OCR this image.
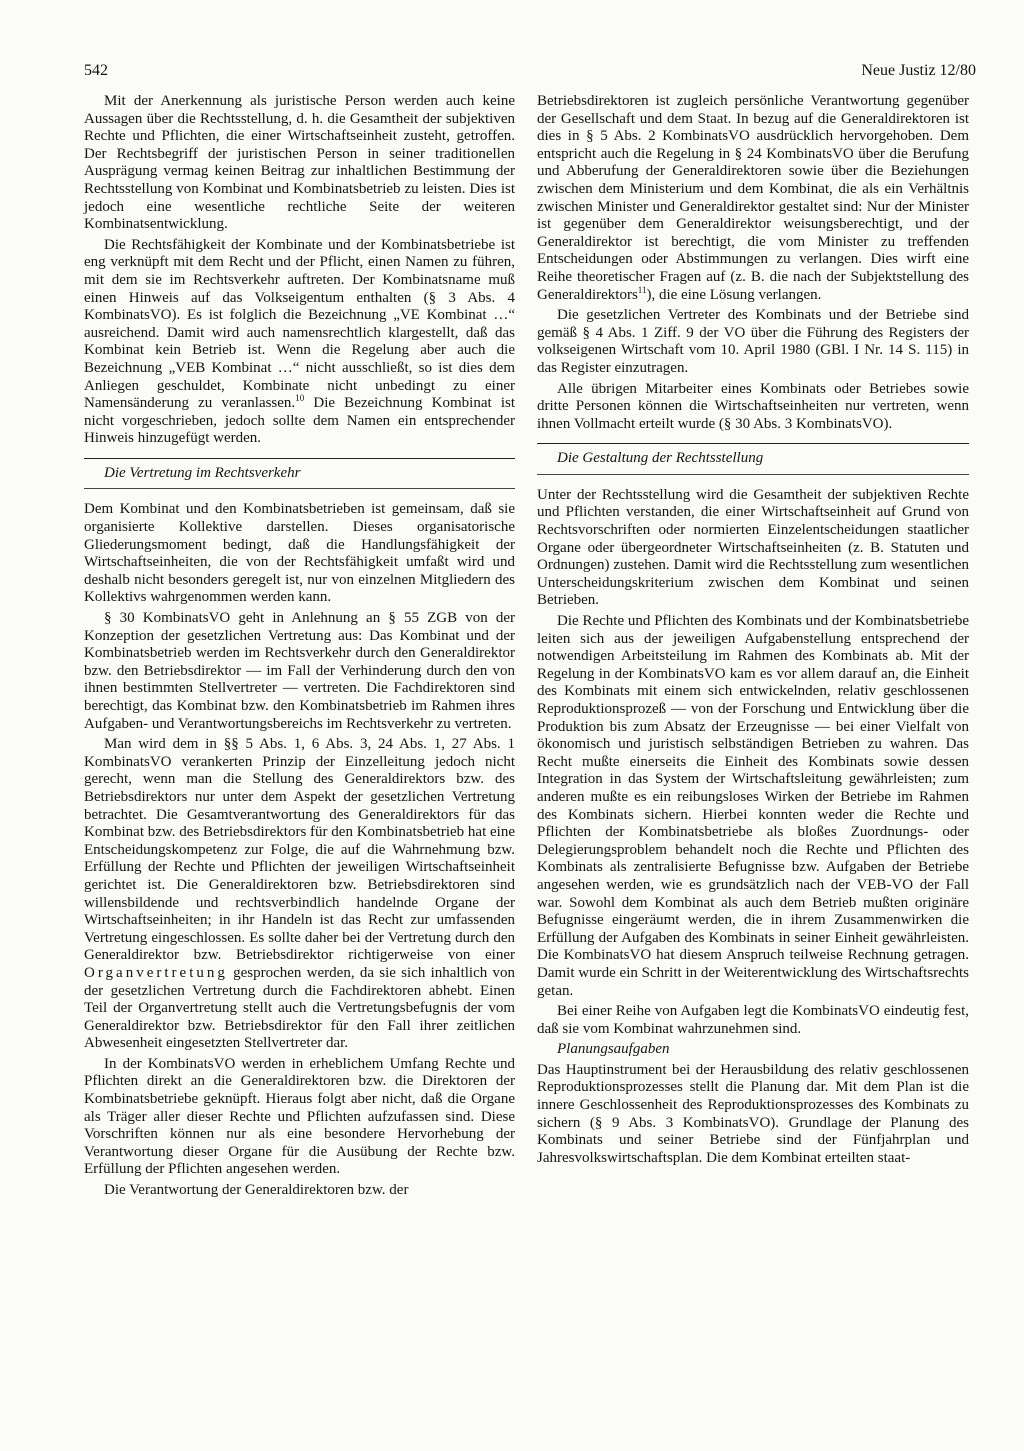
542	Neue Justiz 12/80

Mit der Anerkennung als juristische Person werden auch keine Aussagen über die Rechtsstellung, d. h. die Gesamtheit der subjektiven Rechte und Pflichten, die einer Wirtschaftseinheit zusteht, getroffen. Der Rechtsbegriff der juristischen Person in seiner traditionellen Ausprägung vermag keinen Beitrag zur inhaltlichen Bestimmung der Rechtsstellung von Kombinat und Kombinatsbetrieb zu leisten. Dies ist jedoch eine wesentliche rechtliche Seite der weiteren Kombinatsentwicklung.

Die Rechtsfähigkeit der Kombinate und der Kombinatsbetriebe ist eng verknüpft mit dem Recht und der Pflicht, einen Namen zu führen, mit dem sie im Rechtsverkehr auftreten. Der Kombinatsname muß einen Hinweis auf das Volkseigentum enthalten (§ 3 Abs. 4 KombinatsVO). Es ist folglich die Bezeichnung „VE Kombinat …“ ausreichend. Damit wird auch namensrechtlich klargestellt, daß das Kombinat kein Betrieb ist. Wenn die Regelung aber auch die Bezeichnung „VEB Kombinat …“ nicht ausschließt, so ist dies dem Anliegen geschuldet, Kombinate nicht unbedingt zu einer Namensänderung zu veranlassen.$^{10}$ Die Bezeichnung Kombinat ist nicht vorgeschrieben, jedoch sollte dem Namen ein entsprechender Hinweis hinzugefügt werden.

Die Vertretung im Rechtsverkehr

Dem Kombinat und den Kombinatsbetrieben ist gemeinsam, daß sie organisierte Kollektive darstellen. Dieses organisatorische Gliederungsmoment bedingt, daß die Handlungsfähigkeit der Wirtschaftseinheiten, die von der Rechtsfähigkeit umfaßt wird und deshalb nicht besonders geregelt ist, nur von einzelnen Mitgliedern des Kollektivs wahrgenommen werden kann.

§ 30 KombinatsVO geht in Anlehnung an § 55 ZGB von der Konzeption der gesetzlichen Vertretung aus: Das Kombinat und der Kombinatsbetrieb werden im Rechtsverkehr durch den Generaldirektor bzw. den Betriebsdirektor — im Fall der Verhinderung durch den von ihnen bestimmten Stellvertreter — vertreten. Die Fachdirektoren sind berechtigt, das Kombinat bzw. den Kombinatsbetrieb im Rahmen ihres Aufgaben- und Verantwortungsbereichs im Rechtsverkehr zu vertreten.

Man wird dem in §§ 5 Abs. 1, 6 Abs. 3, 24 Abs. 1, 27 Abs. 1 KombinatsVO verankerten Prinzip der Einzelleitung jedoch nicht gerecht, wenn man die Stellung des Generaldirektors bzw. des Betriebsdirektors nur unter dem Aspekt der gesetzlichen Vertretung betrachtet. Die Gesamtverantwortung des Generaldirektors für das Kombinat bzw. des Betriebsdirektors für den Kombinatsbetrieb hat eine Entscheidungskompetenz zur Folge, die auf die Wahrnehmung bzw. Erfüllung der Rechte und Pflichten der jeweiligen Wirtschaftseinheit gerichtet ist. Die Generaldirektoren bzw. Betriebsdirektoren sind willensbildende und rechtsverbindlich handelnde Organe der Wirtschaftseinheiten; in ihr Handeln ist das Recht zur umfassenden Vertretung eingeschlossen. Es sollte daher bei der Vertretung durch den Generaldirektor bzw. Betriebsdirektor richtigerweise von einer Organvertretung gesprochen werden, da sie sich inhaltlich von der gesetzlichen Vertretung durch die Fachdirektoren abhebt. Einen Teil der Organvertretung stellt auch die Vertretungsbefugnis der vom Generaldirektor bzw. Betriebsdirektor für den Fall ihrer zeitlichen Abwesenheit eingesetzten Stellvertreter dar.

In der KombinatsVO werden in erheblichem Umfang Rechte und Pflichten direkt an die Generaldirektoren bzw. die Direktoren der Kombinatsbetriebe geknüpft. Hieraus folgt aber nicht, daß die Organe als Träger aller dieser Rechte und Pflichten aufzufassen sind. Diese Vorschriften können nur als eine besondere Hervorhebung der Verantwortung dieser Organe für die Ausübung der Rechte bzw. Erfüllung der Pflichten angesehen werden.

Die Verantwortung der Generaldirektoren bzw. der

Betriebsdirektoren ist zugleich persönliche Verantwortung gegenüber der Gesellschaft und dem Staat. In bezug auf die Generaldirektoren ist dies in § 5 Abs. 2 KombinatsVO ausdrücklich hervorgehoben. Dem entspricht auch die Regelung in § 24 KombinatsVO über die Berufung und Abberufung der Generaldirektoren sowie über die Beziehungen zwischen dem Ministerium und dem Kombinat, die als ein Verhältnis zwischen Minister und Generaldirektor gestaltet sind: Nur der Minister ist gegenüber dem Generaldirektor weisungsberechtigt, und der Generaldirektor ist berechtigt, die vom Minister zu treffenden Entscheidungen oder Abstimmungen zu verlangen. Dies wirft eine Reihe theoretischer Fragen auf (z. B. die nach der Subjektstellung des Generaldirektors$^{11}$), die eine Lösung verlangen.

Die gesetzlichen Vertreter des Kombinats und der Betriebe sind gemäß § 4 Abs. 1 Ziff. 9 der VO über die Führung des Registers der volkseigenen Wirtschaft vom 10. April 1980 (GBl. I Nr. 14 S. 115) in das Register einzutragen.

Alle übrigen Mitarbeiter eines Kombinats oder Betriebes sowie dritte Personen können die Wirtschaftseinheiten nur vertreten, wenn ihnen Vollmacht erteilt wurde (§ 30 Abs. 3 KombinatsVO).

Die Gestaltung der Rechtsstellung

Unter der Rechtsstellung wird die Gesamtheit der subjektiven Rechte und Pflichten verstanden, die einer Wirtschaftseinheit auf Grund von Rechtsvorschriften oder normierten Einzelentscheidungen staatlicher Organe oder übergeordneter Wirtschaftseinheiten (z. B. Statuten und Ordnungen) zustehen. Damit wird die Rechtsstellung zum wesentlichen Unterscheidungskriterium zwischen dem Kombinat und seinen Betrieben.

Die Rechte und Pflichten des Kombinats und der Kombinatsbetriebe leiten sich aus der jeweiligen Aufgabenstellung entsprechend der notwendigen Arbeitsteilung im Rahmen des Kombinats ab. Mit der Regelung in der KombinatsVO kam es vor allem darauf an, die Einheit des Kombinats mit einem sich entwickelnden, relativ geschlossenen Reproduktionsprozeß — von der Forschung und Entwicklung über die Produktion bis zum Absatz der Erzeugnisse — bei einer Vielfalt von ökonomisch und juristisch selbständigen Betrieben zu wahren. Das Recht mußte einerseits die Einheit des Kombinats sowie dessen Integration in das System der Wirtschaftsleitung gewährleisten; zum anderen mußte es ein reibungsloses Wirken der Betriebe im Rahmen des Kombinats sichern. Hierbei konnten weder die Rechte und Pflichten der Kombinatsbetriebe als bloßes Zuordnungs- oder Delegierungsproblem behandelt noch die Rechte und Pflichten des Kombinats als zentralisierte Befugnisse bzw. Aufgaben der Betriebe angesehen werden, wie es grundsätzlich nach der VEB-VO der Fall war. Sowohl dem Kombinat als auch dem Betrieb mußten originäre Befugnisse eingeräumt werden, die in ihrem Zusammenwirken die Erfüllung der Aufgaben des Kombinats in seiner Einheit gewährleisten. Die KombinatsVO hat diesem Anspruch teilweise Rechnung getragen. Damit wurde ein Schritt in der Weiterentwicklung des Wirtschaftsrechts getan.

Bei einer Reihe von Aufgaben legt die KombinatsVO eindeutig fest, daß sie vom Kombinat wahrzunehmen sind.

Planungsaufgaben

Das Hauptinstrument bei der Herausbildung des relativ geschlossenen Reproduktionsprozesses stellt die Planung dar. Mit dem Plan ist die innere Geschlossenheit des Reproduktionsprozesses des Kombinats zu sichern (§ 9 Abs. 3 KombinatsVO). Grundlage der Planung des Kombinats und seiner Betriebe sind der Fünfjahrplan und Jahresvolkswirtschaftsplan. Die dem Kombinat erteilten staat-
